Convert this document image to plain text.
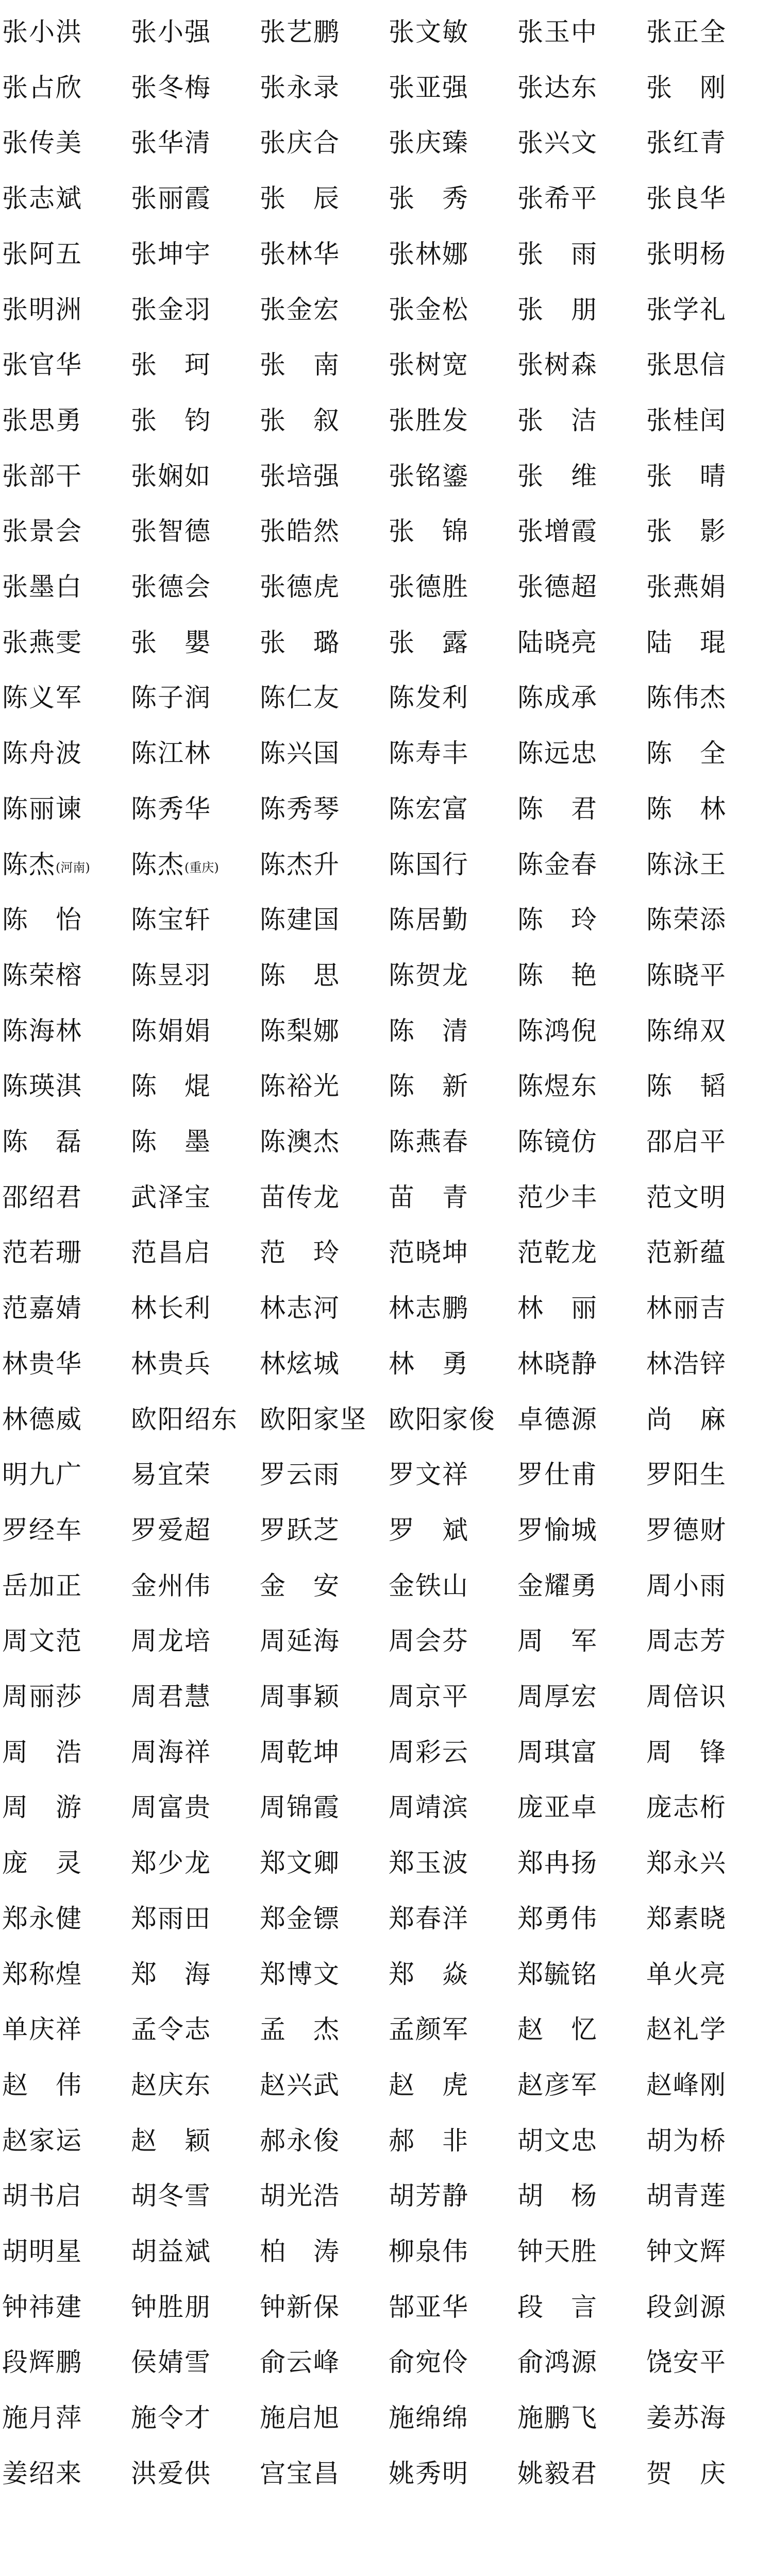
张小洪 张小强 张艺鹏 张文敏 张玉中 张正全
张占欣 张冬梅 张永录 张亚强 张达东 张　刚
张传美 张华清 张庆合 张庆臻 张兴文 张红青
张志斌 张丽霞 张　辰 张　秀 张希平 张良华
张阿五 张坤宇 张林华 张林娜 张　雨 张明杨
张明洲 张金羽 张金宏 张金松 张　朋 张学礼
张官华 张　珂 张　南 张树宽 张树森 张思信
张思勇 张　钧 张　叙 张胜发 张　洁 张桂闰
张部干 张娴如 张培强 张铭鎏 张　维 张　晴
张景会 张智德 张皓然 张　锦 张增霞 张　影
张墨白 张德会 张德虎 张德胜 张德超 张燕娟
张燕雯 张　嬰 张　璐 张　露 陆晓亮 陆　琨
陈义军 陈子润 陈仁友 陈发利 陈成承 陈伟杰
陈舟波 陈江林 陈兴国 陈寿丰 陈远忠 陈　全
陈丽谏 陈秀华 陈秀琴 陈宏富 陈　君 陈　林
陈杰(河南) 陈杰(重庆) 陈杰升 陈国行 陈金春 陈泳王
陈　怡 陈宝轩 陈建国 陈居勤 陈　玲 陈荣添
陈荣榕 陈昱羽 陈　思 陈贺龙 陈　艳 陈晓平
陈海林 陈娟娟 陈梨娜 陈　清 陈鸿倪 陈绵双
陈瑛淇 陈　焜 陈裕光 陈　新 陈煜东 陈　韬
陈　磊 陈　墨 陈澳杰 陈燕春 陈镜仿 邵启平
邵绍君 武泽宝 苗传龙 苗　青 范少丰 范文明
范若珊 范昌启 范　玲 范晓坤 范乾龙 范新蕴
范嘉婧 林长利 林志河 林志鹏 林　丽 林丽吉
林贵华 林贵兵 林炫城 林　勇 林晓静 林浩锌
林德威 欧阳绍东 欧阳家坚 欧阳家俊 卓德源 尚　麻
明九广 易宜荣 罗云雨 罗文祥 罗仕甫 罗阳生
罗经车 罗爱超 罗跃芝 罗　斌 罗愉城 罗德财
岳加正 金州伟 金　安 金铁山 金耀勇 周小雨
周文范 周龙培 周延海 周会芬 周　军 周志芳
周丽莎 周君慧 周事颖 周京平 周厚宏 周倍识
周　浩 周海祥 周乾坤 周彩云 周琪富 周　锋
周　游 周富贵 周锦霞 周靖滨 庞亚卓 庞志桁
庞　灵 郑少龙 郑文卿 郑玉波 郑冉扬 郑永兴
郑永健 郑雨田 郑金镖 郑春洋 郑勇伟 郑素晓
郑称煌 郑　海 郑博文 郑　焱 郑毓铭 单火亮
单庆祥 孟令志 孟　杰 孟颜军 赵　忆 赵礼学
赵　伟 赵庆东 赵兴武 赵　虎 赵彦军 赵峰刚
赵家运 赵　颖 郝永俊 郝　非 胡文忠 胡为桥
胡书启 胡冬雪 胡光浩 胡芳静 胡　杨 胡青莲
胡明星 胡益斌 柏　涛 柳泉伟 钟天胜 钟文辉
钟祎建 钟胜朋 钟新保 郜亚华 段　言 段剑源
段辉鹏 侯婧雪 俞云峰 俞宛伶 俞鸿源 饶安平
施月萍 施令才 施启旭 施绵绵 施鹏飞 姜苏海
姜绍来 洪爱供 宫宝昌 姚秀明 姚毅君 贺　庆
